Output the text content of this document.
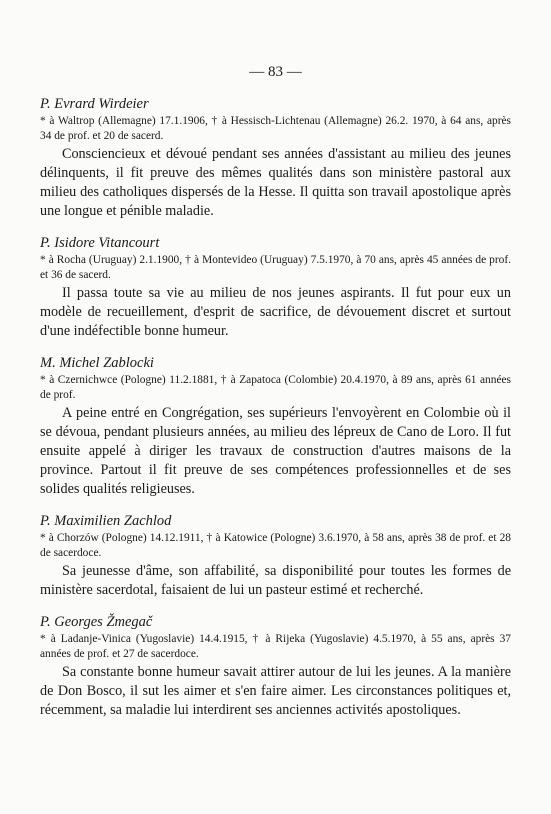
— 83 —

P. Evrard Wirdeier

* à Waltrop (Allemagne) 17.1.1906, † à Hessisch-Lichtenau (Allemagne) 26.2. 1970, à 64 ans, après 34 de prof. et 20 de sacerd.

Consciencieux et dévoué pendant ses années d'assistant au milieu des jeunes délinquents, il fit preuve des mêmes qualités dans son ministère pastoral aux milieu des catholiques dispersés de la Hesse. Il quitta son travail apostolique après une longue et pénible maladie.

P. Isidore Vitancourt

* à Rocha (Uruguay) 2.1.1900, † à Montevideo (Uruguay) 7.5.1970, à 70 ans, après 45 années de prof. et 36 de sacerd.

Il passa toute sa vie au milieu de nos jeunes aspirants. Il fut pour eux un modèle de recueillement, d'esprit de sacrifice, de dévouement discret et surtout d'une indéfectible bonne humeur.

M. Michel Zablocki

* à Czernichwce (Pologne) 11.2.1881, † à Zapatoca (Colombie) 20.4.1970, à 89 ans, après 61 années de prof.

A peine entré en Congrégation, ses supérieurs l'envoyèrent en Colombie où il se dévoua, pendant plusieurs années, au milieu des lépreux de Cano de Loro. Il fut ensuite appelé à diriger les travaux de construction d'autres maisons de la province. Partout il fit preuve de ses compétences professionnelles et de ses solides qualités religieuses.

P. Maximilien Zachlod

* à Chorzów (Pologne) 14.12.1911, † à Katowice (Pologne) 3.6.1970, à 58 ans, après 38 de prof. et 28 de sacerdoce.

Sa jeunesse d'âme, son affabilité, sa disponibilité pour toutes les formes de ministère sacerdotal, faisaient de lui un pasteur estimé et recherché.

P. Georges Žmegač

* à Ladanje-Vinica (Yugoslavie) 14.4.1915, † à Rijeka (Yugoslavie) 4.5.1970, à 55 ans, après 37 années de prof. et 27 de sacerdoce.

Sa constante bonne humeur savait attirer autour de lui les jeunes. A la manière de Don Bosco, il sut les aimer et s'en faire aimer. Les circonstances politiques et, récemment, sa maladie lui interdirent ses anciennes activités apostoliques.
